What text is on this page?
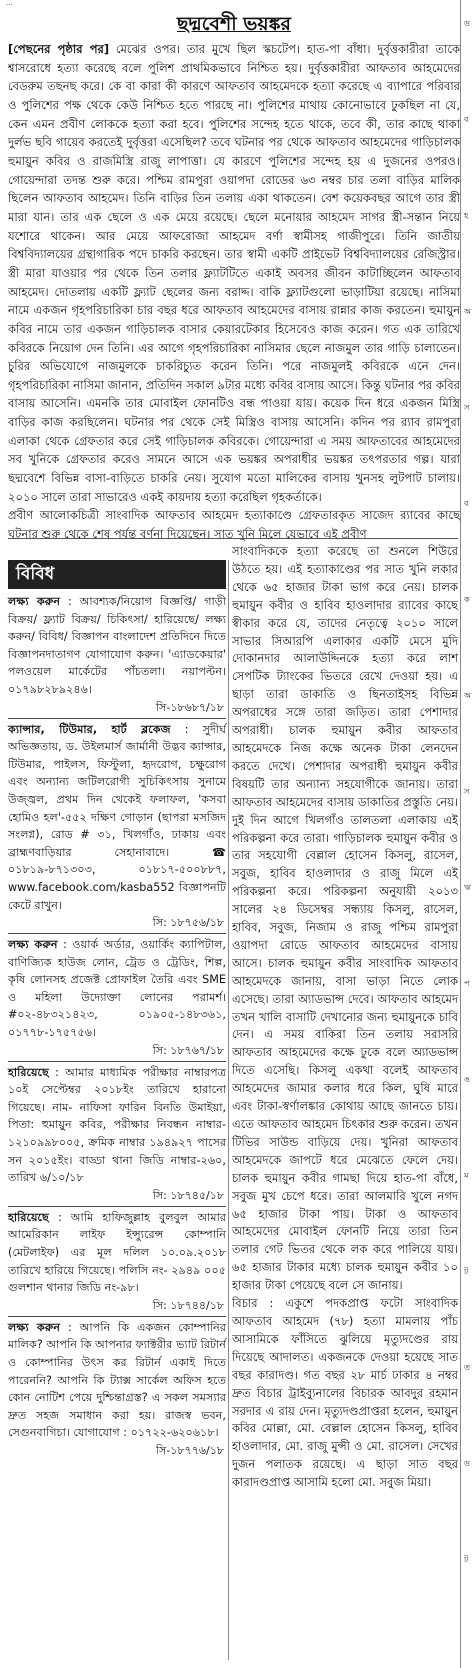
...
ড
ব
হ
অ
স
ব
ক
অ
স
ঋ
প
ঙ
ম
ট
ত
ড
ট
ছদ্মবেশী ভয়ঙ্কর

[পেছনের পৃষ্ঠার পর] মেঝের ওপর। তার মুখে ছিল স্কচটেপ। হাত-পা বাঁধা। দুর্বৃত্তকারীরা তাকে শ্বাসরোধে হত্যা করেছে বলে পুলিশ প্রাথমিকভাবে নিশ্চিত হয়। দুর্বৃত্তকারীরা আফতাব আহমেদের বেডরুম তছনছ করে। কে বা কারা কী কারণে আফতাব আহমেদকে হত্যা করেছে এ ব্যাপারে পরিবার ও পুলিশের পক্ষ থেকে কেউ নিশ্চিত হতে পারছে না। পুলিশের মাথায় কোনোভাবে ঢুকছিল না যে, কেন এমন প্রবীণ লোককে হত্যা করা হবে। পুলিশের সন্দেহ হতে থাকে, তবে কী, তার কাছে থাকা দুর্লভ ছবি গায়েব করতেই দুর্বৃত্তরা এসেছিল? তবে ঘটনার পর থেকে আফতাব আহমেদের গাড়িচালক হুমায়ুন কবির ও রাজমিস্ত্রি রাজু লাপাত্তা। যে কারণে পুলিশের সন্দেহ হয় এ দুজনের ওপরও। গোয়েন্দারা তদন্ত শুরু করে। পশ্চিম রামপুরা ওয়াপদা রোডের ৬৩ নম্বর চার তলা বাড়ির মালিক ছিলেন আফতাব আহমেদ। তিনি বাড়ির তিন তলায় একা থাকতেন। বেশ কয়েকবছর আগে তার স্ত্রী মারা যান। তার এক ছেলে ও এক মেয়ে রয়েছে। ছেলে মনোয়ার আহমেদ সাগর স্ত্রী-সন্তান নিয়ে যশোরে থাকেন। আর মেয়ে আফরোজা আহমেদ বর্ণা স্বামীসহ গাজীপুরে। তিনি জাতীয় বিশ্ববিদ্যালয়ের গ্রন্থাগারিক পদে চাকরি করছেন। তার স্বামী একটি প্রাইভেট বিশ্ববিদ্যালয়ের রেজিস্ট্রার। স্ত্রী মারা যাওয়ার পর থেকে তিন তলার ফ্ল্যাটটিতে একাই অবসর জীবন কাটাচ্ছিলেন আফতাব আহমেদ। দোতলায় একটি ফ্ল্যাট ছেলের জন্য বরাদ্দ। বাকি ফ্ল্যাটগুলো ভাড়াটিয়া রয়েছে। নাসিমা নামে একজন গৃহপরিচারিকা চার বছর ধরে আফতাব আহমেদের বাসায় রান্নার কাজ করতেন। হুমায়ুন কবির নামে তার একজন গাড়িচালক বাসার কেয়ারটেকার হিসেবেও কাজ করেন। গত এক তারিখে কবিরকে নিয়োগ দেন তিনি। এর আগে গৃহপরিচারিকা নাসিমার ছেলে নাজমুল তার গাড়ি চালাতেন। চুরির অভিযোগে নাজমুলকে চাকরিচ্যুত করেন তিনি। পরে নাজমুলই কবিরকে এনে দেন। গৃহপরিচারিকা নাসিমা জানান, প্রতিদিন সকাল ৯টার মধ্যে কবির বাসায় আসে। কিন্তু ঘটনার পর কবির বাসায় আসেনি। এমনকি তার মোবাইল ফোনটিও বন্ধ পাওয়া যায়। কয়েক দিন ধরে একজন মিস্ত্রি বাড়ির কাজ করছিলেন। ঘটনার পর থেকে সেই মিস্ত্রিও বাসায় আসেনি। কদিন পর র‍্যাব রামপুরা এলাকা থেকে গ্রেফতার করে সেই গাড়িচালক কবিরকে। গোয়েন্দারা এ সময় আফতাবের আহমেদের সব খুনিকে গ্রেফতার করেও সামনে আসে এক ভয়ঙ্কর অপরাধীর ভয়ঙ্কর তৎপরতার গল্প। যারা ছদ্মবেশে বিভিন্ন বাসা-বাড়িতে চাকরি নেয়। সুযোগ মতো মালিকের বাসায় খুনসহ লুটপাট চালায়। ২০১০ সালে তারা সাভারেও একই কায়দায় হত্যা করেছিল গৃহকর্তাকে।

প্রবীণ আলোকচিত্রী সাংবাদিক আফতাব আহমেদ হত্যাকাণ্ডে গ্রেফতারকৃত সাজেদ র‍্যাবের কাছে ঘটনার শুরু থেকে শেষ পর্যন্ত বর্ণনা দিয়েছেন। সাত খুনি মিলে যেভাবে এই প্রবীণ

বিবিধ
লক্ষ্য করুন : আবশ্যক/নিয়োগ বিজ্ঞপ্তি/ গাড়ী বিক্রয়/ ফ্ল্যাট বিক্রয়/ চিকিৎসা/ হারিয়েছে/ লক্ষ্য করুন/ বিবিধ/ বিজ্ঞাপন বাংলাদেশ প্রতিদিনে দিতে বিজ্ঞাপনদাতাগণ যোগাযোগ করুন। 'এ্যাডকেয়ার' পলওয়েল মার্কেটের পাঁচতলা। নয়াপল্টন। ০১৭৯৮২৮৯২৪৬।
সি-১৮৬৮৭/১৮
ক্যান্সার, টিউমার, হার্ট ব্লকেজ : সুদীর্ঘ অভিজ্ঞতায়, ড. উইলমার্স জার্মানী উদ্ভব ক্যান্সার, টিউমার, পাইলস, ফিস্টুলা, হৃদরোগ, চক্ষুরোগ এবং অন্যান্য জটিলরোগী সুচিকিৎসায় সুনামে উজ্জ্বল, প্রথম দিন থেকেই ফলাফল, 'কসবা হোমিও হল'-৫৫২ দক্ষিণ গোড়ান (ছাপরা মসজিদ সংলগ্ন), রোড # ৩১, খিলগাঁও, ঢাকায় এবং ব্রাহ্মণবাড়িয়ার সেহানাবাদে। ☎ ০১৮১৯-৮৭১৩০৩, ০১৮১৭-৫০০৮৮৭, www.facebook.com/kasba552 বিজ্ঞাপনটি কেটে রাখুন।
সি: ১৮৭৫৬/১৮
লক্ষ্য করুন : ওয়ার্ক অর্ডার, ওয়ার্কিং ক্যাপিটাল, বাণিজ্যিক হাউজ লোন, ট্রেড ও ট্রেডিং, শিল্প, কৃষি লোনসহ প্রজেক্ট প্রোফাইল তৈরি এবং SME ও মহিলা উদ্যোক্তা লোনের পরামর্শ। #০২-৪৮৩২১৪২৩, ০১৯০৫-১৪৮৩৬১, ০১৭৭৮-১৭৫৭৫৬।
সি: ১৮৭৬৭/১৮
হারিয়েছে : আমার মাধ্যমিক পরীক্ষার নাম্বারপত্র ১০ই সেপ্টেম্বর ২০১৮ইং তারিখে হারানো গিয়েছে। নাম- নাফিসা ফারিন বিনতি উমাইয়া, পিতা: হুমায়ুন কবির, পরীক্ষার নিবন্ধন নাম্বার- ১২১০৯৯৮০০৫, ক্রমিক নাম্বার ১৯৪৯২৭ পাসের সন ২০১৫ইং। বাড্ডা থানা জিডি নাম্বার-২৬০, তারিখ ৬/১০/১৮
সি: ১৮৭৪৫/১৮
হারিয়েছে : আমি হাফিজুল্লাহ বুলবুল আমার আমেরিকান লাইফ ইন্স্যুরেন্স কোম্পানি (মেটলাইফ) এর মূল দলিল ১০.০৯.২০১৮ তারিখে হারিয়ে গিয়েছে। পলিসি নং- ২৯৪৯ ০০৫ গুলশান থানার জিডি নং-৯৮।
সি: ১৮৭৪৪/১৮
লক্ষ্য করুন : আপনি কি একজন কোম্পানির মালিক? আপনি কি আপনার ফ্যাক্টরীর ভ্যাট রিটার্ন ও কোম্পানির উৎস কর রিটার্ন একাই দিতে পারেননি? আপনি কি ট্যাক্স সার্কেল অফিস হতে কোন নোটিশ পেয়ে দুশ্চিন্তাগ্রস্ত? এ সকল সমস্যার দ্রুত সহজ সমাধান করা হয়। রাজস্ব ভবন, সেগুনবাগিচা। যোগাযোগ : ০১৭২২-৬২০৬১৮।
সি-১৮৭৭৬/১৮

সাংবাদিককে হত্যা করেছে তা শুনলে শিউরে উঠতে হয়। এই হত্যাকাণ্ডের পর সাত খুনি লকার থেকে ৬৫ হাজার টাকা ভাগ করে নেয়। চালক হুমায়ুন কবীর ও হাবিব হাওলাদার র‍্যাবের কাছে স্বীকার করে যে, তাদের নেতৃত্বে ২০১০ সালে সাভার সিআরপি এলাকার একটি মেসে মুদি দোকানদার আলাউদ্দিনকে হত্যা করে লাশ সেপটিক ট্যাংকের ভিতরে রেখে দেওয়া হয়। এ ছাড়া তারা ডাকাতি ও ছিনতাইসহ বিভিন্ন অপরাধের সঙ্গে তারা জড়িত। তারা পেশাদার অপরাধী। চালক হুমায়ুন কবীর আফতাব আহমেদকে নিজ কক্ষে অনেক টাকা লেনদেন করতে দেখে। পেশাদার অপরাধী হুমায়ুন কবীর বিষয়টি তার অন্যান্য সহযোগীকে জানায়। তারা আফতাব আহমেদের বাসায় ডাকাতির প্রস্তুতি নেয়। দুই দিন আগে খিলগাঁও তালতলা এলাকায় এই পরিকল্পনা করে তারা। গাড়িচালক হুমায়ুন কবীর ও তার সহযোগী বেল্লাল হোসেন কিসলু, রাসেল, সবুজ, হাবিব হাওলাদার ও রাজু মিলে এই পরিকল্পনা করে। পরিকল্পনা অনুযায়ী ২০১৩ সালের ২৪ ডিসেম্বর সন্ধ্যায় কিসলু, রাসেল, হাবিব, সবুজ, নিজাম ও রাজু পশ্চিম রামপুরা ওয়াপদা রোডে আফতাব আহমেদের বাসায় আসে। চালক হুমায়ুন কবীর সাংবাদিক আফতাব আহমেদকে জানায়, বাসা ভাড়া নিতে লোক এসেছে। তারা অ্যাডভান্স দেবে। আফতাব আহমেদ তখন খালি বাসাটি দেখানোর জন্য হুমায়ুনকে চাবি দেন। এ সময় বাকিরা তিন তলায় সরাসরি আফতাব আহমেদের কক্ষে ঢুকে বলে অ্যাডভান্স দিতে এসেছি। কিসলু একথা বলেই আফতাব আহমেদের জামার কলার ধরে কিল, ঘুষি মারে এবং টাকা-স্বর্ণালঙ্কার কোথায় আছে জানতে চায়। এতে আফতাব আহমেদ চিৎকার শুরু করেন। তখন টিভির সাউন্ড বাড়িয়ে দেয়। খুনিরা আফতাব আহমেদকে জাপটে ধরে মেঝেতে ফেলে দেয়। চালক হুমায়ুন কবীর গামছা দিয়ে হাত-পা বাঁধে, সবুজ মুখ চেপে ধরে। তারা আলমারি খুলে নগদ ৬৫ হাজার টাকা পায়। টাকা ও আফতাব আহমেদের মোবাইল ফোনটি নিয়ে তারা তিন তলার গেট ভিতর থেকে লক করে পালিয়ে যায়। ৬৫ হাজার টাকার মধ্যে চালক হুমায়ুন কবীর ১০ হাজার টাকা পেয়েছে বলে সে জানায়।

বিচার : একুশে পদকপ্রাপ্ত ফটো সাংবাদিক আফতাব আহমেদ (৭৮) হত্যা মামলায় পাঁচ আসামিকে ফাঁসিতে ঝুলিয়ে মৃত্যুদণ্ডের রায় দিয়েছে আদালত। একজনকে দেওয়া হয়েছে সাত বছর কারাদণ্ড। গত বছর ২৮ মার্চ ঢাকার ৪ নম্বর দ্রুত বিচার ট্রাইব্যুনালের বিচারক আবদুর রহমান সরদার এ রায় দেন। মৃত্যুদণ্ডপ্রাপ্তরা হলেন, হুমায়ুন কবির মোল্লা, মো. বেল্লাল হোসেন কিসলু, হাবিব হাওলাদার, মো. রাজু মুন্সী ও মো. রাসেল। সেখের দুজন পলাতক রয়েছে। এ ছাড়া সাত বছর কারাদণ্ডপ্রাপ্ত আসামি হলো মো. সবুজ মিয়া।
